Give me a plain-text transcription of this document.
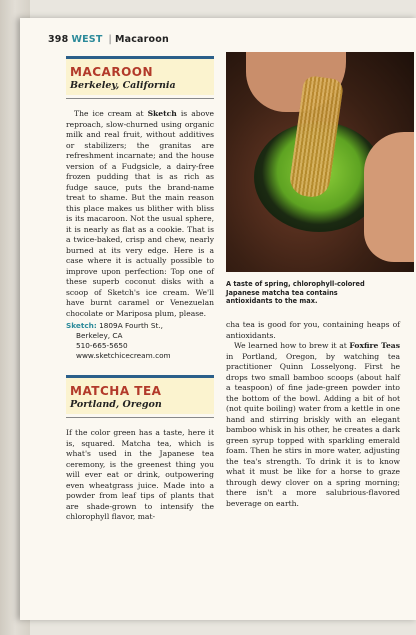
398 WEST | Macaroon
MACAROON
Berkeley, California

The ice cream at Sketch is above reproach, slow-churned using organic milk and real fruit, without additives or stabilizers; the granitas are refreshment incarnate; and the house version of a Fudgsicle, a dairy-free frozen pudding that is as rich as fudge sauce, puts the brand-name treat to shame. But the main reason this place makes us blither with bliss is its macaroon. Not the usual sphere, it is nearly as flat as a cookie. That is a twice-baked, crisp and chew, nearly burned at its very edge. Here is a case where it is actually possible to improve upon perfection: Top one of these superb coconut disks with a scoop of Sketch's ice cream. We'll have burnt caramel or Venezuelan chocolate or Mariposa plum, please.

Sketch: 1809A Fourth St.,
Berkeley, CA
510-665-5650
www.sketchicecream.com
MATCHA TEA
Portland, Oregon

If the color green has a taste, here it is, squared. Matcha tea, which is what's used in the Japanese tea ceremony, is the greenest thing you will ever eat or drink, outpowering even wheatgrass juice. Made into a powder from leaf tips of plants that are shade-grown to intensify the chlorophyll flavor, mat-

A taste of spring, chlorophyll-colored Japanese matcha tea contains antioxidants to the max.

cha tea is good for you, containing heaps of antioxidants.

We learned how to brew it at Foxfire Teas in Portland, Oregon, by watching tea practitioner Quinn Losselyong. First he drops two small bamboo scoops (about half a teaspoon) of fine jade-green powder into the bottom of the bowl. Adding a bit of hot (not quite boiling) water from a kettle in one hand and stirring briskly with an elegant bamboo whisk in his other, he creates a dark green syrup topped with sparkling emerald foam. Then he stirs in more water, adjusting the tea's strength. To drink it is to know what it must be like for a horse to graze through dewy clover on a spring morning; there isn't a more salubrious-flavored beverage on earth.
